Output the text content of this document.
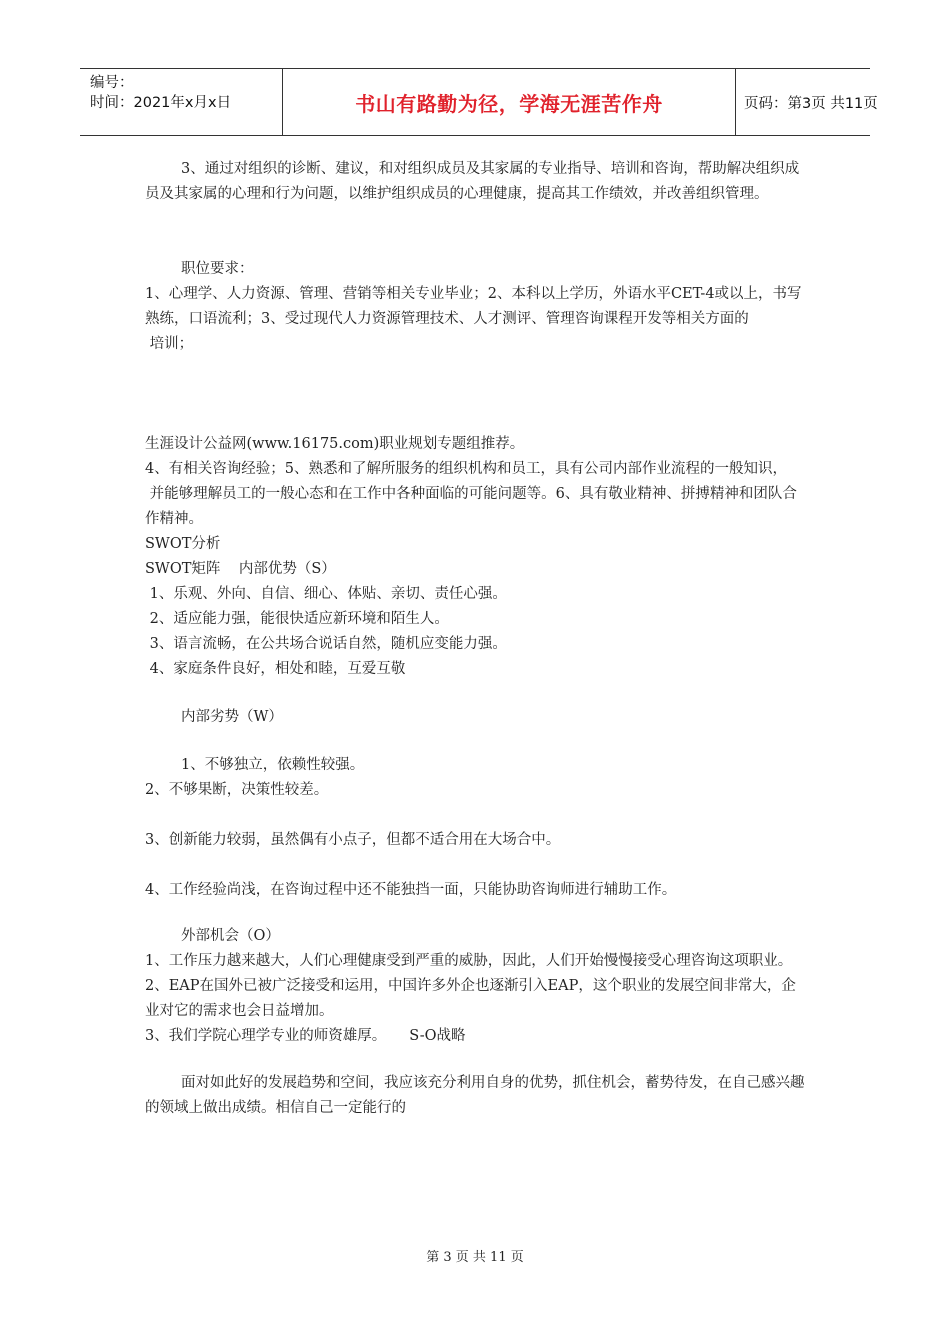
编号：
时间：2021年x月x日	书山有路勤为径，学海无涯苦作舟	页码：第3页 共11页

3、通过对组织的诊断、建议，和对组织成员及其家属的专业指导、培训和咨询，帮助解决组织成员及其家属的心理和行为问题，以维护组织成员的心理健康，提高其工作绩效，并改善组织管理。

职位要求：

1、心理学、人力资源、管理、营销等相关专业毕业；2、本科以上学历，外语水平CET-4或以上，书写熟练，口语流利；3、受过现代人力资源管理技术、人才测评、管理咨询课程开发等相关方面的

培训；

生涯设计公益网(www.16175.com)职业规划专题组推荐。

4、有相关咨询经验；5、熟悉和了解所服务的组织机构和员工，具有公司内部作业流程的一般知识，

并能够理解员工的一般心态和在工作中各种面临的可能问题等。6、具有敬业精神、拼搏精神和团队合作精神。

SWOT分析

SWOT矩阵    内部优势（S）

1、乐观、外向、自信、细心、体贴、亲切、责任心强。

2、适应能力强，能很快适应新环境和陌生人。

3、语言流畅，在公共场合说话自然，随机应变能力强。

4、家庭条件良好，相处和睦，互爱互敬

内部劣势（W）

1、不够独立，依赖性较强。

2、不够果断，决策性较差。

3、创新能力较弱，虽然偶有小点子，但都不适合用在大场合中。

4、工作经验尚浅，在咨询过程中还不能独挡一面，只能协助咨询师进行辅助工作。

外部机会（O）

1、工作压力越来越大，人们心理健康受到严重的威胁，因此，人们开始慢慢接受心理咨询这项职业。

2、EAP在国外已被广泛接受和运用，中国许多外企也逐渐引入EAP，这个职业的发展空间非常大，企业对它的需求也会日益增加。

3、我们学院心理学专业的师资雄厚。     S-O战略

面对如此好的发展趋势和空间，我应该充分利用自身的优势，抓住机会，蓄势待发，在自己感兴趣的领域上做出成绩。相信自己一定能行的

第 3 页 共 11 页
